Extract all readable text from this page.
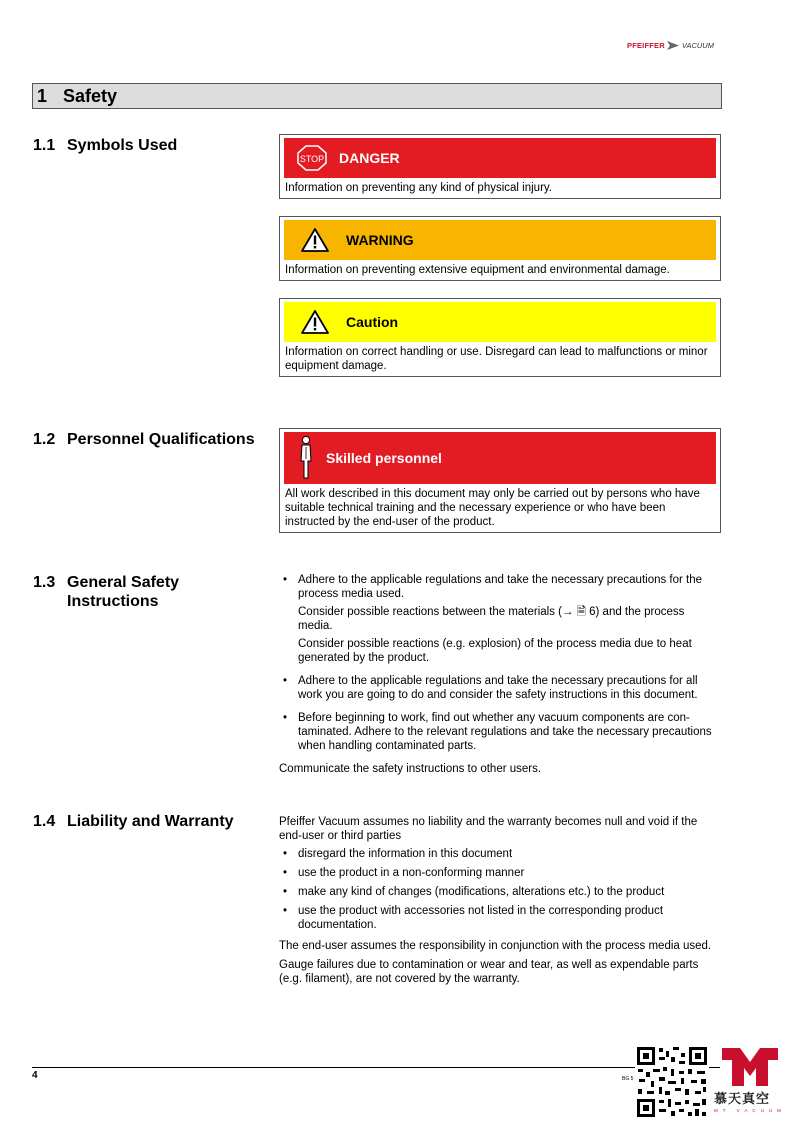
PFEIFFER VACUUM
1 Safety
1.1 Symbols Used
STOP DANGER
Information on preventing any kind of physical injury.
WARNING
Information on preventing extensive equipment and environmental damage.
Caution
Information on correct handling or use. Disregard can lead to malfunctions or minor equipment damage.
1.2 Personnel Qualifications
Skilled personnel
All work described in this document may only be carried out by persons who have suitable technical training and the necessary experience or who have been instructed by the end-user of the product.
1.3 General Safety
Instructions
• Adhere to the applicable regulations and take the necessary precautions for the process media used.
Consider possible reactions between the materials (→ 🗎 6) and the process media.
Consider possible reactions (e.g. explosion) of the process media due to heat generated by the product.
• Adhere to the applicable regulations and take the necessary precautions for all work you are going to do and consider the safety instructions in this document.
• Before beginning to work, find out whether any vacuum components are contaminated. Adhere to the relevant regulations and take the necessary precautions when handling contaminated parts.

Communicate the safety instructions to other users.

1.4 Liability and Warranty	Pfeiffer Vacuum assumes no liability and the warranty becomes null and void if the end-user or third parties

• disregard the information in this document
• use the product in a non-conforming manner
• make any kind of changes (modifications, alterations etc.) to the product
• use the product with accessories not listed in the corresponding product documentation.

The end-user assumes the responsibility in conjunction with the process media used.

Gauge failures due to contamination or wear and tear, as well as expendable parts (e.g. filament), are not covered by the warranty.

4	BG 5
慕天真空
MT VACUUM
